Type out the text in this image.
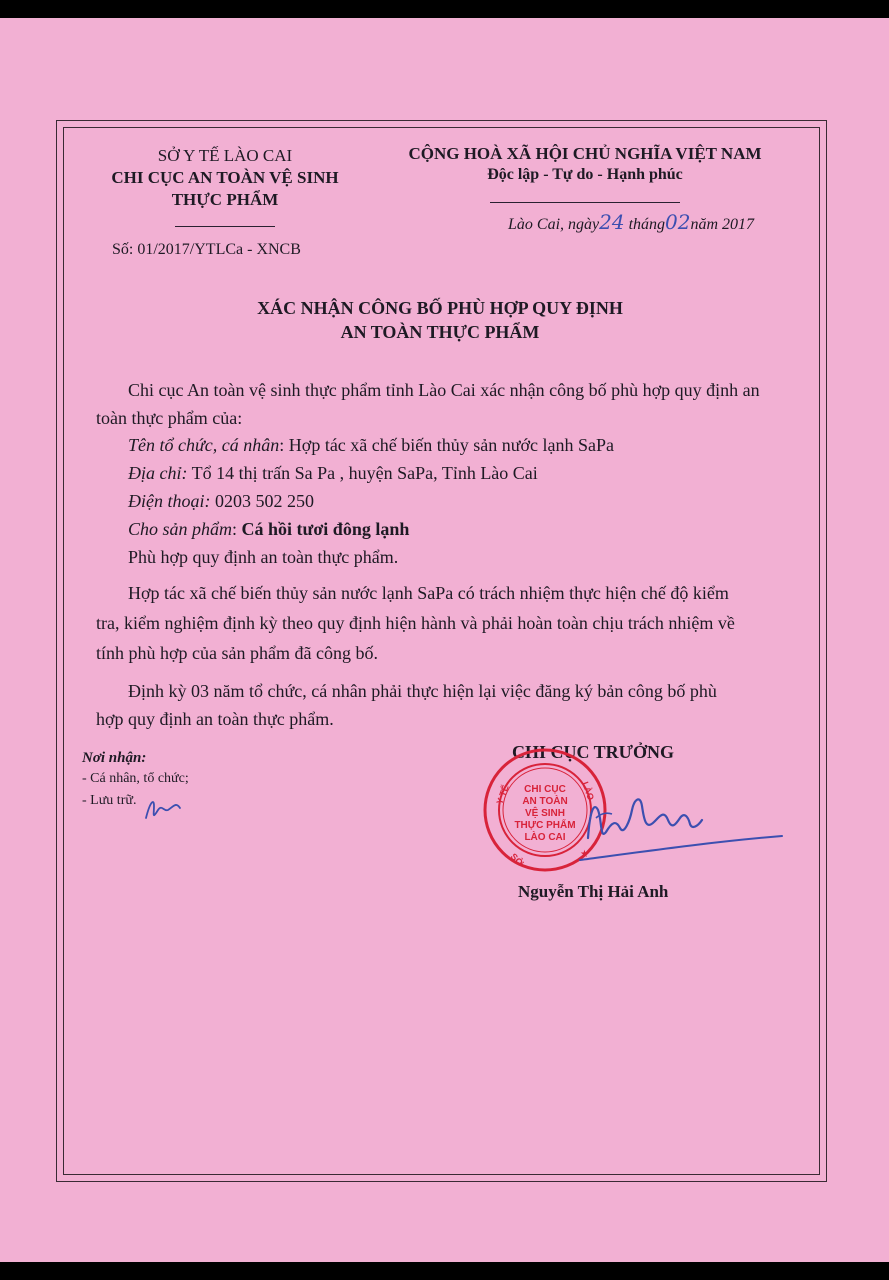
SỞ Y TẾ LÀO CAI
CHI CỤC AN TOÀN VỆ SINH
THỰC PHẨM
Số: 01/2017/YTLCa - XNCB
CỘNG HOÀ XÃ HỘI CHỦ NGHĨA VIỆT NAM
Độc lập - Tự do - Hạnh phúc
Lào Cai, ngày24 tháng02năm 2017
XÁC NHẬN CÔNG BỐ PHÙ HỢP QUY ĐỊNH
AN TOÀN THỰC PHẨM
Chi cục An toàn vệ sinh thực phẩm tỉnh Lào Cai xác nhận công bố phù hợp quy định an
toàn thực phẩm của:
Tên tổ chức, cá nhân: Hợp tác xã chế biến thủy sản nước lạnh SaPa
Địa chỉ: Tổ 14 thị trấn Sa Pa , huyện SaPa, Tỉnh Lào Cai
Điện thoại: 0203 502 250
Cho sản phẩm: Cá hồi tươi đông lạnh
Phù hợp quy định an toàn thực phẩm.
Hợp tác xã chế biến thủy sản nước lạnh SaPa có trách nhiệm thực hiện chế độ kiểm
tra, kiểm nghiệm định kỳ theo quy định hiện hành và phải hoàn toàn chịu trách nhiệm về
tính phù hợp của sản phẩm đã công bố.
Định kỳ 03 năm tổ chức, cá nhân phải thực hiện lại việc đăng ký bản công bố phù
hợp quy định an toàn thực phẩm.
Nơi nhận:
- Cá nhân, tổ chức;
- Lưu trữ.
CHI CỤC TRƯỞNG
Y TẾ	LÀO
SỞ
CHI CỤC
AN TOÀN
VỆ SINH
THỰC PHẨM
LÀO CAI
★
Nguyễn Thị Hải Anh
